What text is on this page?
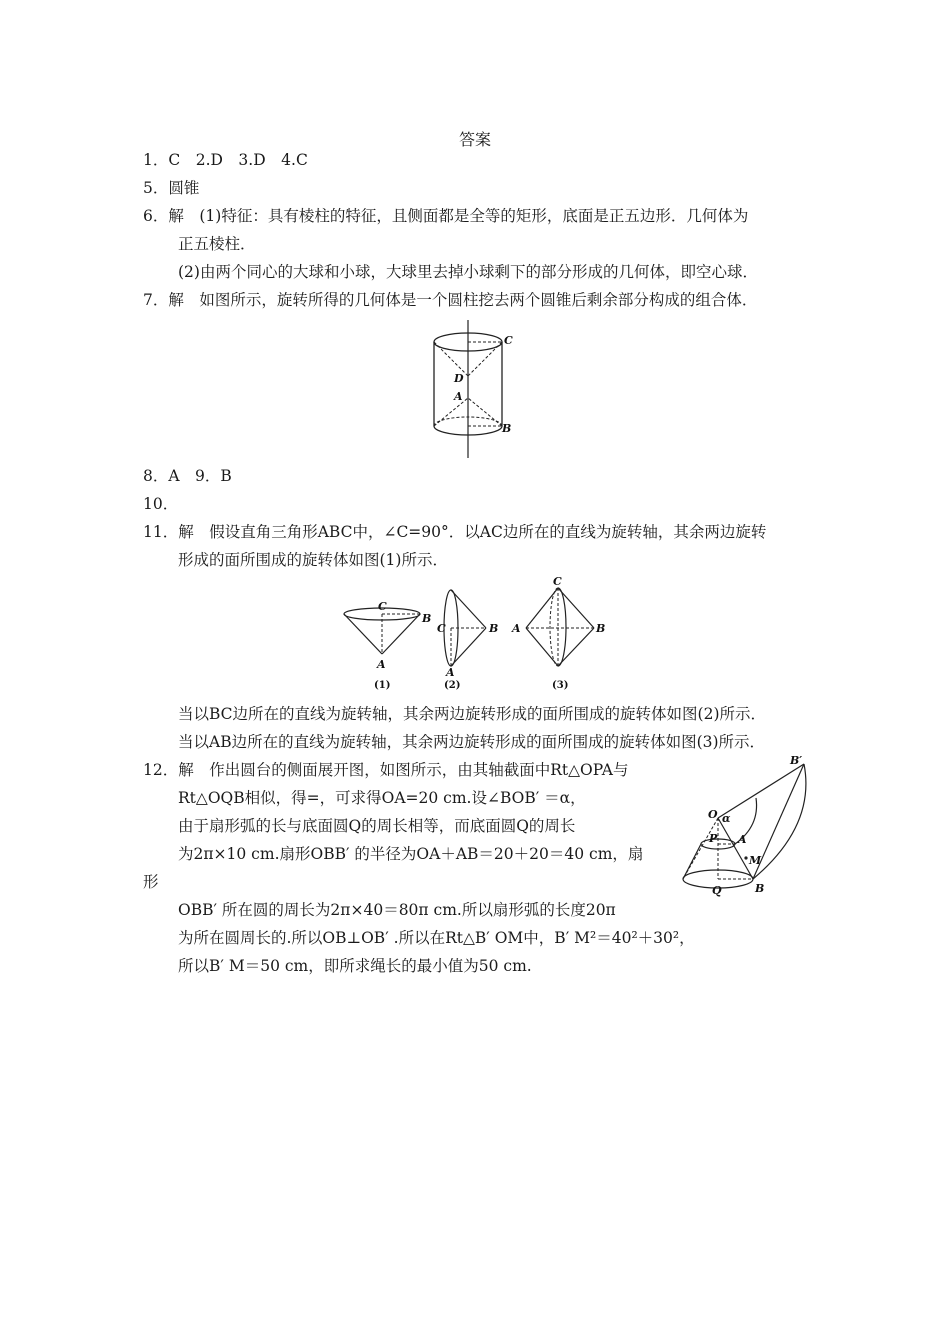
答案
1．C　2.D　3.D　4.C
5．圆锥
6．解　(1)特征：具有棱柱的特征，且侧面都是全等的矩形，底面是正五边形．几何体为
正五棱柱．
(2)由两个同心的大球和小球，大球里去掉小球剩下的部分形成的几何体，即空心球．
7．解　如图所示，旋转所得的几何体是一个圆柱挖去两个圆锥后剩余部分构成的组合体．
C
D
A
B
8．A　9．B
10．
11．解　假设直角三角形ABC中，∠C=90°．以AC边所在的直线为旋转轴，其余两边旋转
形成的面所围成的旋转体如图(1)所示．
C
B
A
(1)
C	B
A
(2)
C
A	B
(3)
当以BC边所在的直线为旋转轴，其余两边旋转形成的面所围成的旋转体如图(2)所示．
当以AB边所在的直线为旋转轴，其余两边旋转形成的面所围成的旋转体如图(3)所示．
12．解　作出圆台的侧面展开图，如图所示，由其轴截面中Rt△OPA与
Rt△OQB相似，得=，可求得OA=20 cm.设∠BOB′ ＝α，
由于扇形弧的长与底面圆Q的周长相等，而底面圆Q的周长
为2π×10 cm.扇形OBB′ 的半径为OA＋AB＝20＋20＝40 cm，扇
形
OBB′ 所在圆的周长为2π×40＝80π cm.所以扇形弧的长度20π
为所在圆周长的.所以OB⊥OB′ .所以在Rt△B′ OM中，B′ M²＝40²＋30²，
所以B′ M＝50 cm，即所求绳长的最小值为50 cm.
B′
O α
P A
M
Q	B
